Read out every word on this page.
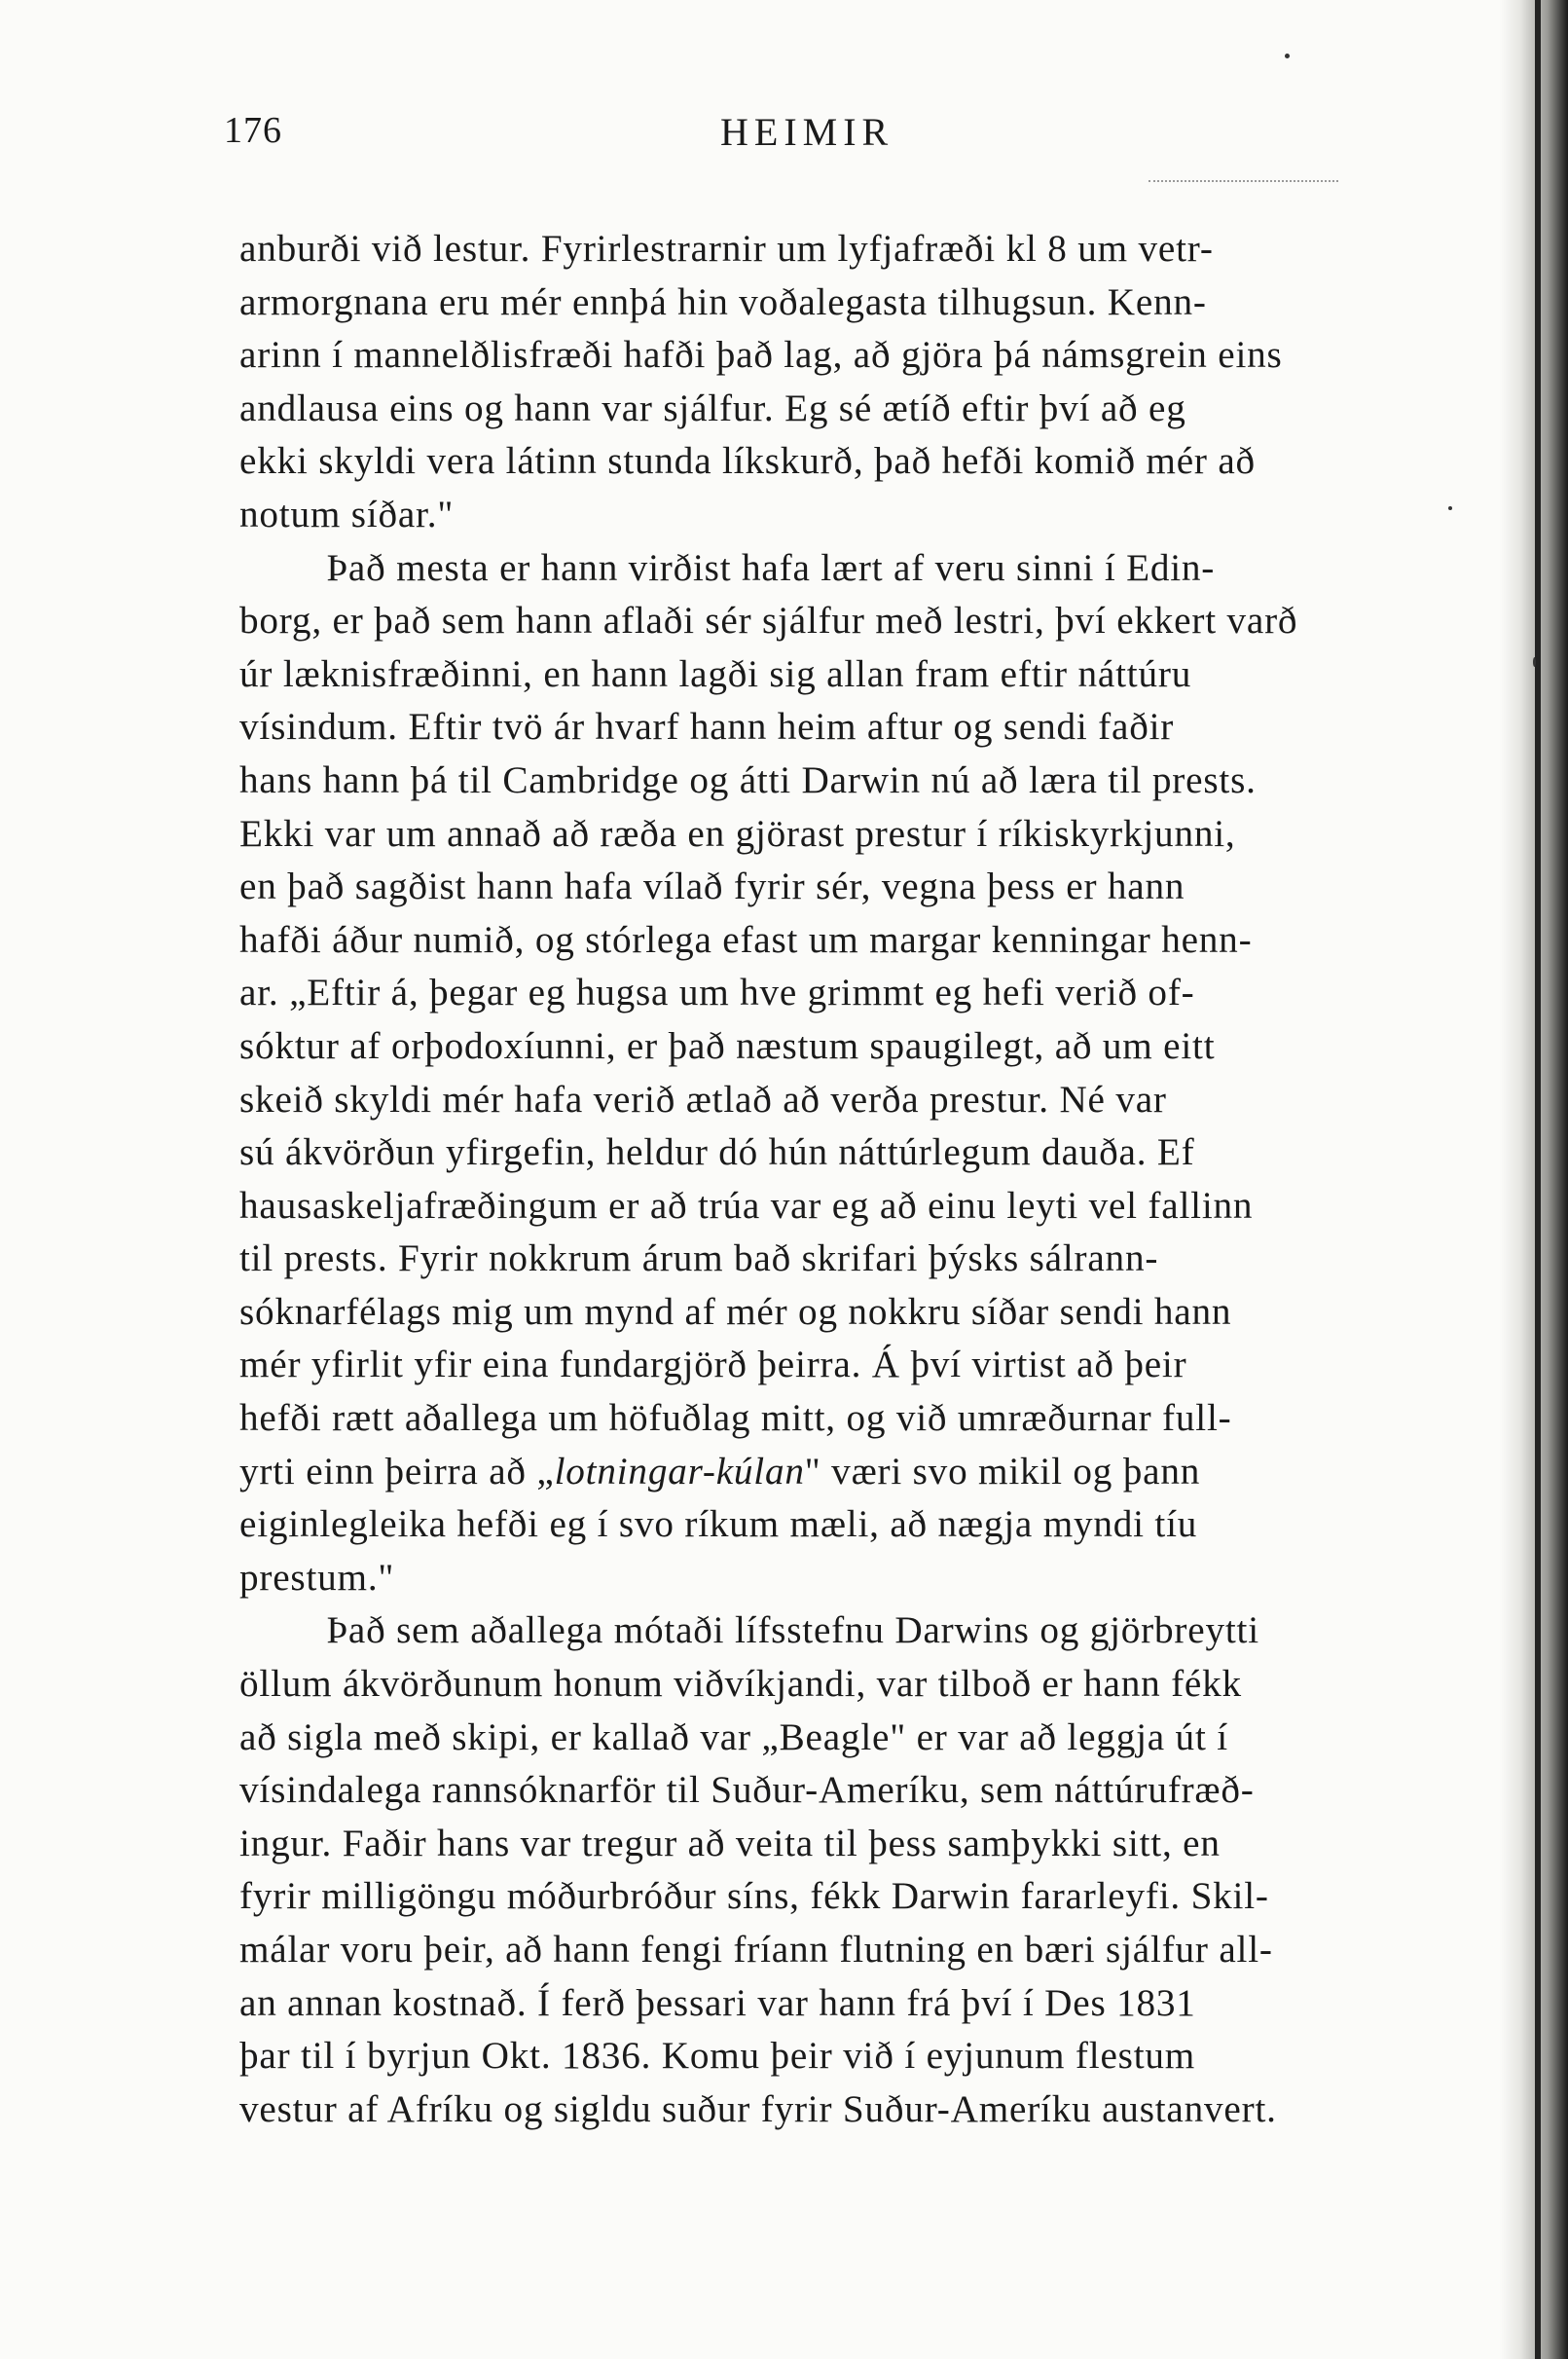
176	HEIMIR
anburði við lestur. Fyrirlestrarnir um lyfjafræði kl 8 um vetr-
armorgnana eru mér ennþá hin voðalegasta tilhugsun. Kenn-
arinn í mannelðlisfræði hafði það lag, að gjöra þá námsgrein eins
andlausa eins og hann var sjálfur. Eg sé ætíð eftir því að eg
ekki skyldi vera látinn stunda líkskurð, það hefði komið mér að
notum síðar."
Það mesta er hann virðist hafa lært af veru sinni í Edin-
borg, er það sem hann aflaði sér sjálfur með lestri, því ekkert varð
úr læknisfræðinni, en hann lagði sig allan fram eftir náttúru
vísindum. Eftir tvö ár hvarf hann heim aftur og sendi faðir
hans hann þá til Cambridge og átti Darwin nú að læra til prests.
Ekki var um annað að ræða en gjörast prestur í ríkiskyrkjunni,
en það sagðist hann hafa vílað fyrir sér, vegna þess er hann
hafði áður numið, og stórlega efast um margar kenningar henn-
ar. „Eftir á, þegar eg hugsa um hve grimmt eg hefi verið of-
sóktur af orþodoxíunni, er það næstum spaugilegt, að um eitt
skeið skyldi mér hafa verið ætlað að verða prestur. Né var
sú ákvörðun yfirgefin, heldur dó hún náttúrlegum dauða. Ef
hausaskeljafræðingum er að trúa var eg að einu leyti vel fallinn
til prests. Fyrir nokkrum árum bað skrifari þýsks sálrann-
sóknarfélags mig um mynd af mér og nokkru síðar sendi hann
mér yfirlit yfir eina fundargjörð þeirra. Á því virtist að þeir
hefði rætt aðallega um höfuðlag mitt, og við umræðurnar full-
yrti einn þeirra að „lotningar-kúlan" væri svo mikil og þann
eiginlegleika hefði eg í svo ríkum mæli, að nægja myndi tíu
prestum."
Það sem aðallega mótaði lífsstefnu Darwins og gjörbreytti
öllum ákvörðunum honum viðvíkjandi, var tilboð er hann fékk
að sigla með skipi, er kallað var „Beagle" er var að leggja út í
vísindalega rannsóknarför til Suður-Ameríku, sem náttúrufræð-
ingur. Faðir hans var tregur að veita til þess samþykki sitt, en
fyrir milligöngu móðurbróður síns, fékk Darwin fararleyfi. Skil-
málar voru þeir, að hann fengi fríann flutning en bæri sjálfur all-
an annan kostnað. Í ferð þessari var hann frá því í Des 1831
þar til í byrjun Okt. 1836. Komu þeir við í eyjunum flestum
vestur af Afríku og sigldu suður fyrir Suður-Ameríku austanvert.
